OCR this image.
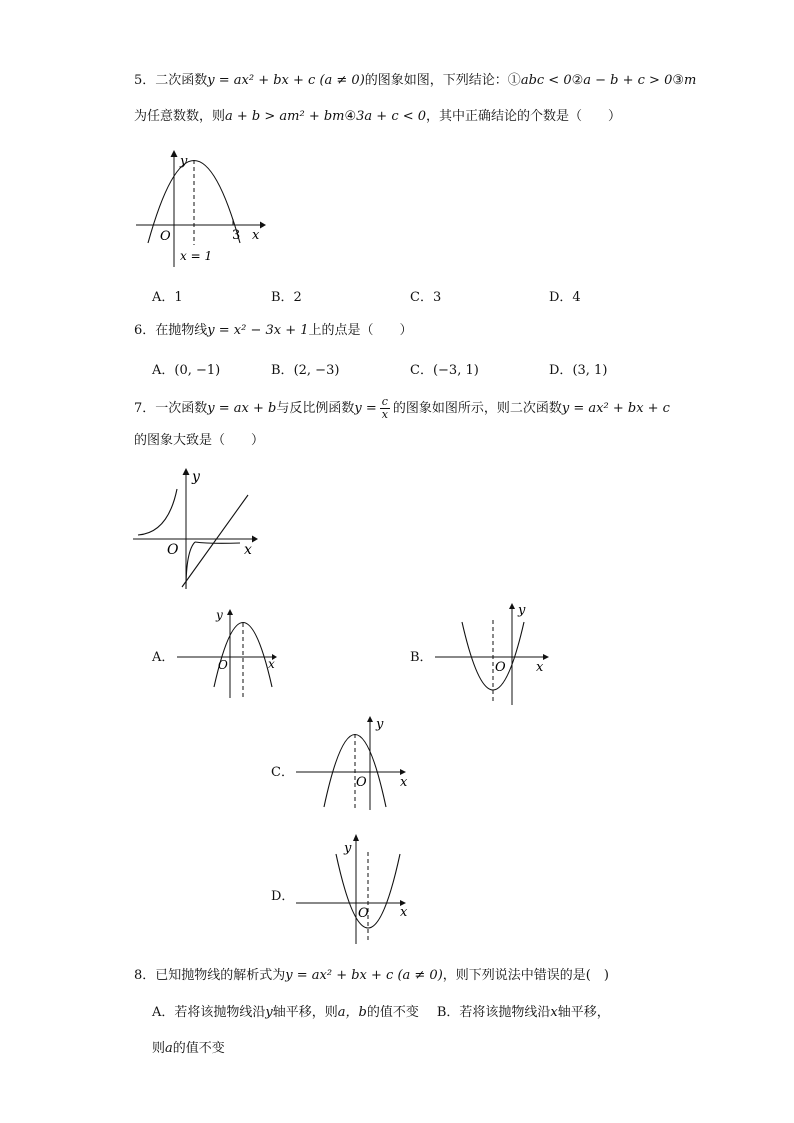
5．二次函数y = ax² + bx + c (a ≠ 0)的图象如图，下列结论：①abc < 0②a − b + c > 0③m
为任意数数，则a + b > am² + bm④3a + c < 0，其中正确结论的个数是（　　）
y
x
O	3
x = 1
A．1	B．2	C．3	D．4
6．在抛物线y = x² − 3x + 1上的点是（　　）
A．(0, −1)	B．(2, −3)	C．(−3, 1)	D．(3, 1)
7．一次函数y = ax + b与反比例函数$y = \frac{c}{x}$ 的图象如图所示，则二次函数y = ax² + bx + c
的图象大致是（　　）
y
x
O
A．
y
x
O	B．
y
x
O
C．
y
x
O
D．
y
x
O
8．已知抛物线的解析式为y = ax² + bx + c (a ≠ 0)，则下列说法中错误的是(　)
A．若将该抛物线沿y轴平移，则a，b的值不变 B．若将该抛物线沿x轴平移，
则a的值不变
